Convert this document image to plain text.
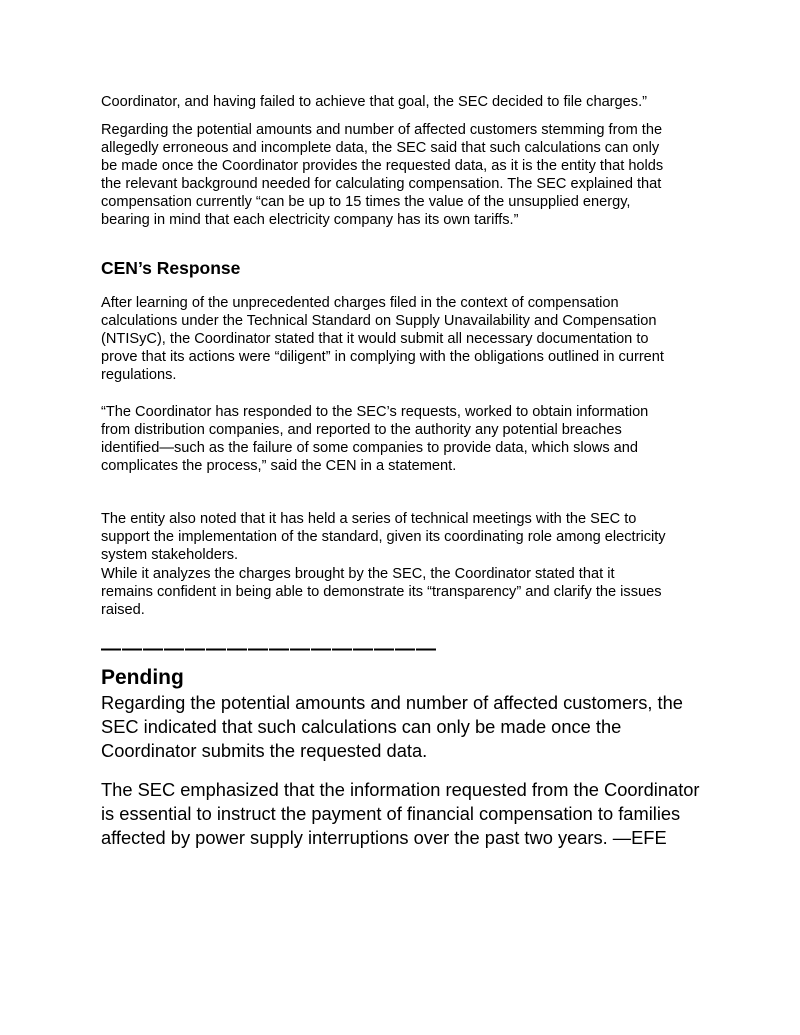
Coordinator, and having failed to achieve that goal, the SEC decided to file charges.”
Regarding the potential amounts and number of affected customers stemming from the
allegedly erroneous and incomplete data, the SEC said that such calculations can only
be made once the Coordinator provides the requested data, as it is the entity that holds
the relevant background needed for calculating compensation. The SEC explained that
compensation currently “can be up to 15 times the value of the unsupplied energy,
bearing in mind that each electricity company has its own tariffs.”
CEN’s Response
After learning of the unprecedented charges filed in the context of compensation
calculations under the Technical Standard on Supply Unavailability and Compensation
(NTISyC), the Coordinator stated that it would submit all necessary documentation to
prove that its actions were “diligent” in complying with the obligations outlined in current
regulations.
“The Coordinator has responded to the SEC’s requests, worked to obtain information
from distribution companies, and reported to the authority any potential breaches
identified—such as the failure of some companies to provide data, which slows and
complicates the process,” said the CEN in a statement.
The entity also noted that it has held a series of technical meetings with the SEC to
support the implementation of the standard, given its coordinating role among electricity
system stakeholders.
While it analyzes the charges brought by the SEC, the Coordinator stated that it
remains confident in being able to demonstrate its “transparency” and clarify the issues
raised.
————————————————
Pending
Regarding the potential amounts and number of affected customers, the
SEC indicated that such calculations can only be made once the
Coordinator submits the requested data.
The SEC emphasized that the information requested from the Coordinator
is essential to instruct the payment of financial compensation to families
affected by power supply interruptions over the past two years. —EFE
